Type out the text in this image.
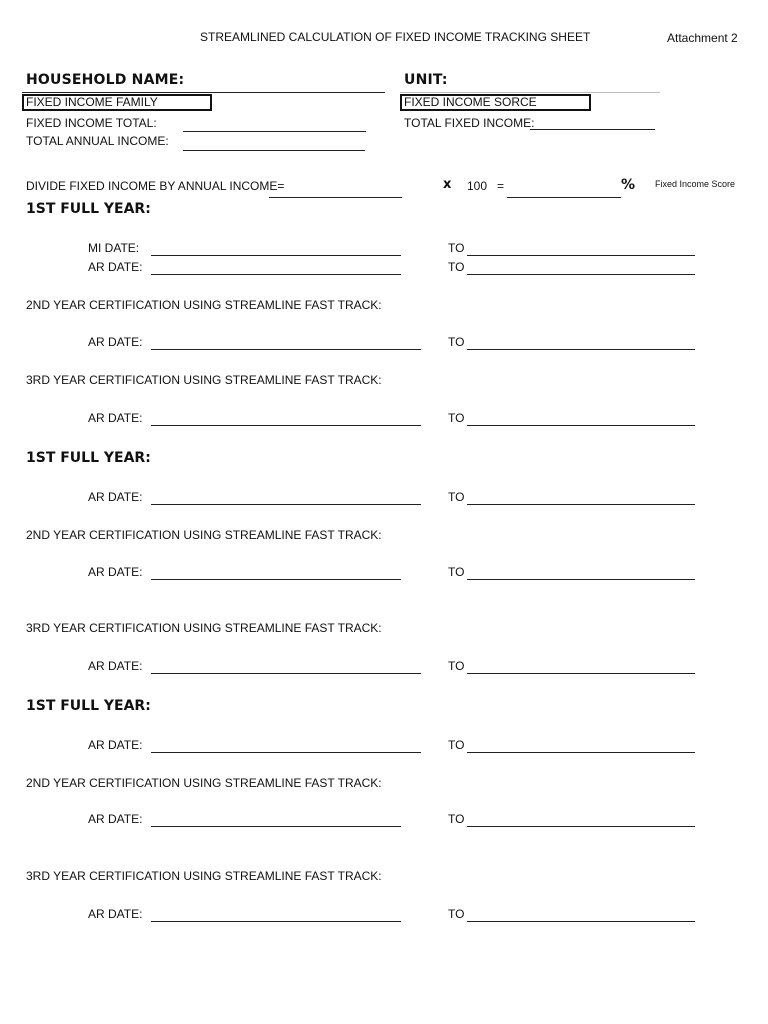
STREAMLINED CALCULATION OF FIXED INCOME TRACKING SHEET	Attachment 2
HOUSEHOLD NAME:	UNIT:
FIXED INCOME FAMILY	FIXED INCOME SORCE
FIXED INCOME TOTAL:	TOTAL FIXED INCOME:
TOTAL ANNUAL INCOME:
DIVIDE FIXED INCOME BY ANNUAL INCOME=	x 100 =	% Fixed Income Score
1ST FULL YEAR:
MI DATE:	TO
AR DATE:	TO
2ND YEAR CERTIFICATION USING STREAMLINE FAST TRACK:
AR DATE:	TO
3RD YEAR CERTIFICATION USING STREAMLINE FAST TRACK:
AR DATE:	TO
1ST FULL YEAR:
AR DATE:	TO
2ND YEAR CERTIFICATION USING STREAMLINE FAST TRACK:
AR DATE:	TO
3RD YEAR CERTIFICATION USING STREAMLINE FAST TRACK:
AR DATE:	TO
1ST FULL YEAR:
AR DATE:	TO
2ND YEAR CERTIFICATION USING STREAMLINE FAST TRACK:
AR DATE:	TO
3RD YEAR CERTIFICATION USING STREAMLINE FAST TRACK:
AR DATE:	TO
